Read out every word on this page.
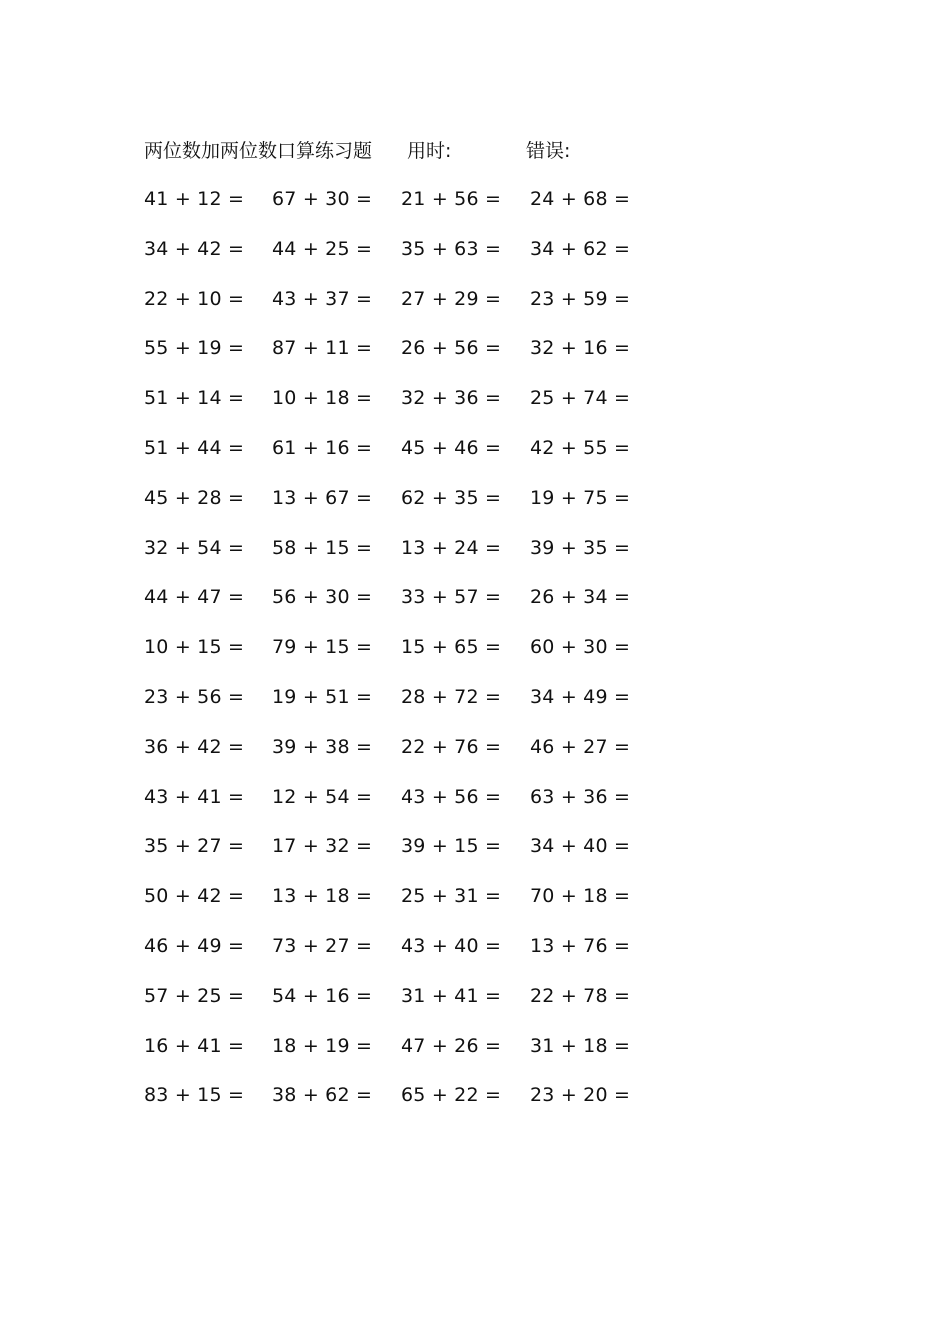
两位数加两位数口算练习题 用时:	错误:
41 + 12 = 67 + 30 = 21 + 56 = 24 + 68 =
34 + 42 = 44 + 25 = 35 + 63 = 34 + 62 =
22 + 10 = 43 + 37 = 27 + 29 = 23 + 59 =
55 + 19 = 87 + 11 = 26 + 56 = 32 + 16 =
51 + 14 = 10 + 18 = 32 + 36 = 25 + 74 =
51 + 44 = 61 + 16 = 45 + 46 = 42 + 55 =
45 + 28 = 13 + 67 = 62 + 35 = 19 + 75 =
32 + 54 = 58 + 15 = 13 + 24 = 39 + 35 =
44 + 47 = 56 + 30 = 33 + 57 = 26 + 34 =
10 + 15 = 79 + 15 = 15 + 65 = 60 + 30 =
23 + 56 = 19 + 51 = 28 + 72 = 34 + 49 =
36 + 42 = 39 + 38 = 22 + 76 = 46 + 27 =
43 + 41 = 12 + 54 = 43 + 56 = 63 + 36 =
35 + 27 = 17 + 32 = 39 + 15 = 34 + 40 =
50 + 42 = 13 + 18 = 25 + 31 = 70 + 18 =
46 + 49 = 73 + 27 = 43 + 40 = 13 + 76 =
57 + 25 = 54 + 16 = 31 + 41 = 22 + 78 =
16 + 41 = 18 + 19 = 47 + 26 = 31 + 18 =
83 + 15 = 38 + 62 = 65 + 22 = 23 + 20 =
